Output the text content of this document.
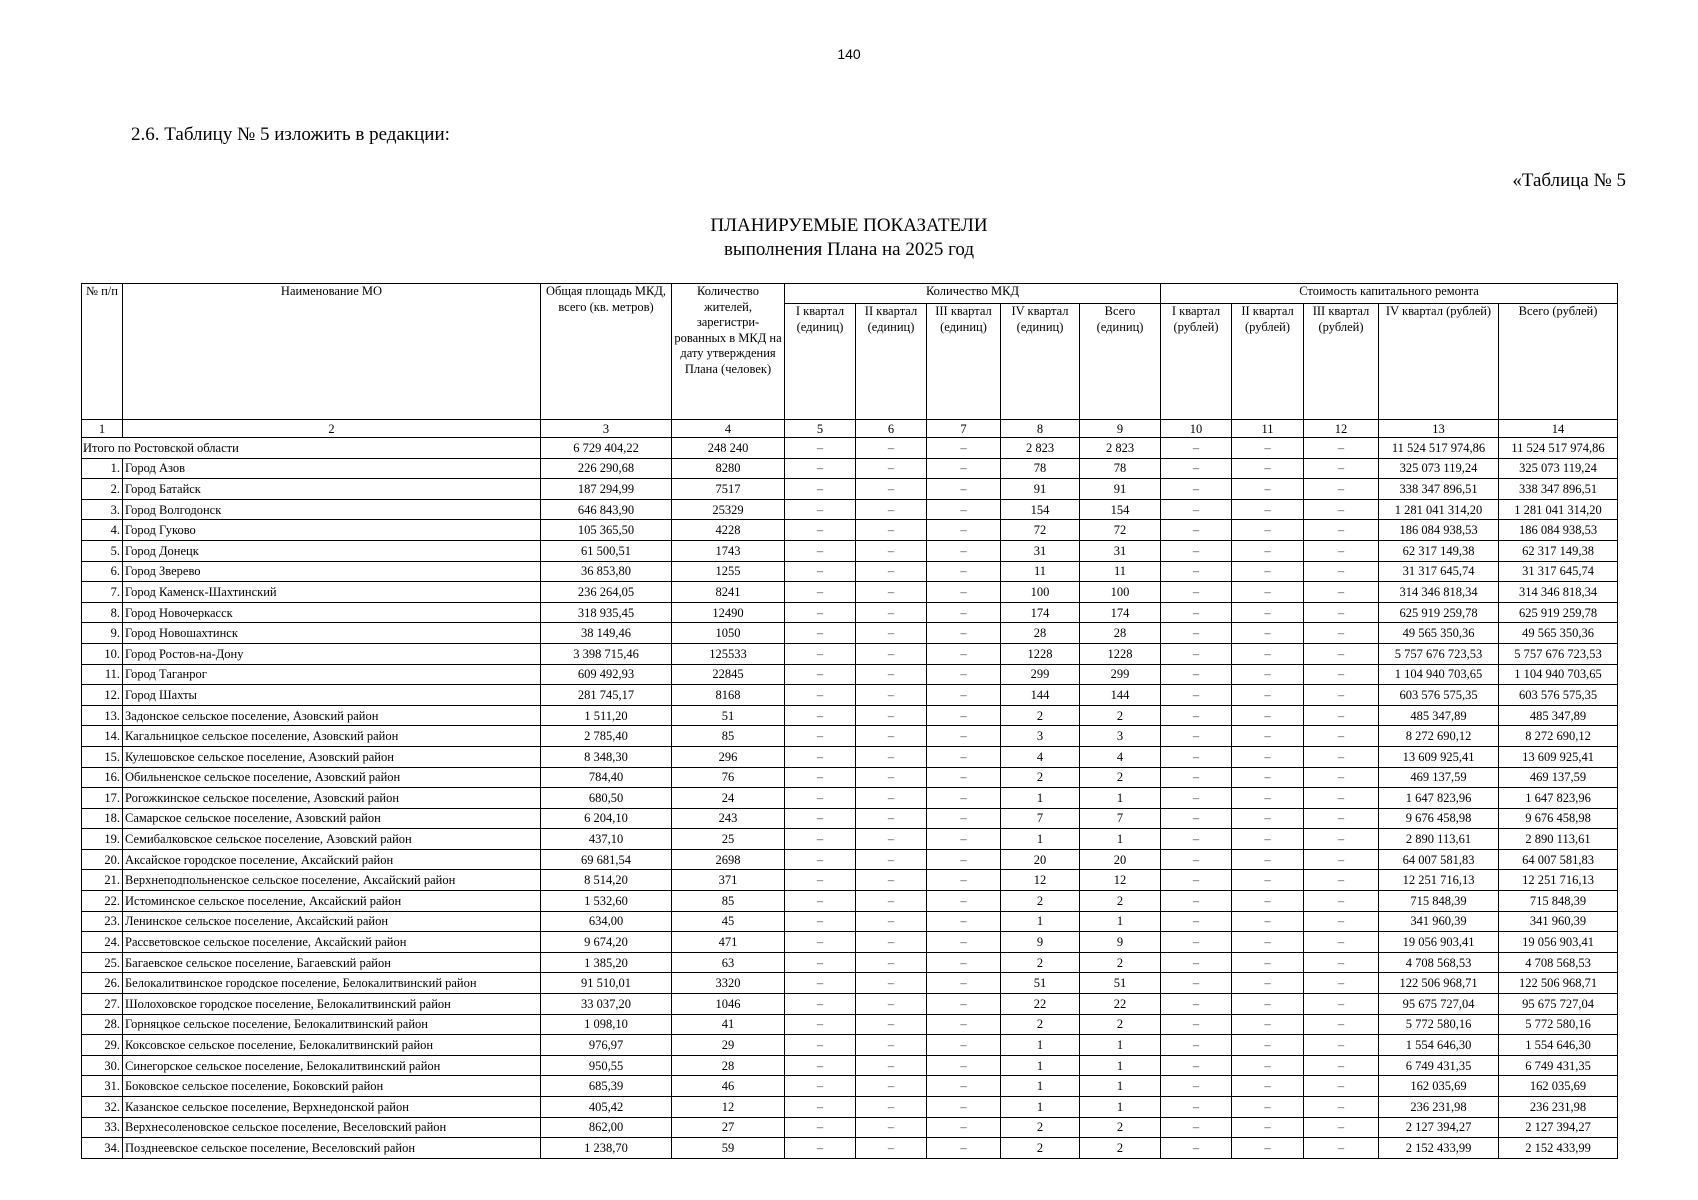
140
2.6. Таблицу № 5 изложить в редакции:
«Таблица № 5
ПЛАНИРУЕМЫЕ ПОКАЗАТЕЛИ
выполнения Плана на 2025 год
№ п/п	Наименование МО	Общая площадь МКД, всего (кв. метров)	Количество жителей, зарегистри-рованных в МКД на дату утверждения Плана (человек)	Количество МКД					Стоимость капитального ремонта				
				I квартал (единиц)	II квартал (единиц)	III квартал (единиц)	IV квартал (единиц)	Всего (единиц)	I квартал (рублей)	II квартал (рублей)	III квартал (рублей)	IV квартал (рублей)	Всего (рублей)
1	2	3	4	5	6	7	8	9	10	11	12	13	14
Итого по Ростовской области		6 729 404,22	248 240	–	–	–	2 823	2 823	–	–	–	11 524 517 974,86	11 524 517 974,86
1.	Город Азов	226 290,68	8280	–	–	–	78	78	–	–	–	325 073 119,24	325 073 119,24
2.	Город Батайск	187 294,99	7517	–	–	–	91	91	–	–	–	338 347 896,51	338 347 896,51
3.	Город Волгодонск	646 843,90	25329	–	–	–	154	154	–	–	–	1 281 041 314,20	1 281 041 314,20
4.	Город Гуково	105 365,50	4228	–	–	–	72	72	–	–	–	186 084 938,53	186 084 938,53
5.	Город Донецк	61 500,51	1743	–	–	–	31	31	–	–	–	62 317 149,38	62 317 149,38
6.	Город Зверево	36 853,80	1255	–	–	–	11	11	–	–	–	31 317 645,74	31 317 645,74
7.	Город Каменск-Шахтинский	236 264,05	8241	–	–	–	100	100	–	–	–	314 346 818,34	314 346 818,34
8.	Город Новочеркасск	318 935,45	12490	–	–	–	174	174	–	–	–	625 919 259,78	625 919 259,78
9.	Город Новошахтинск	38 149,46	1050	–	–	–	28	28	–	–	–	49 565 350,36	49 565 350,36
10.	Город Ростов-на-Дону	3 398 715,46	125533	–	–	–	1228	1228	–	–	–	5 757 676 723,53	5 757 676 723,53
11.	Город Таганрог	609 492,93	22845	–	–	–	299	299	–	–	–	1 104 940 703,65	1 104 940 703,65
12.	Город Шахты	281 745,17	8168	–	–	–	144	144	–	–	–	603 576 575,35	603 576 575,35
13.	Задонское сельское поселение, Азовский район	1 511,20	51	–	–	–	2	2	–	–	–	485 347,89	485 347,89
14.	Кагальницкое сельское поселение, Азовский район	2 785,40	85	–	–	–	3	3	–	–	–	8 272 690,12	8 272 690,12
15.	Кулешовское сельское поселение, Азовский район	8 348,30	296	–	–	–	4	4	–	–	–	13 609 925,41	13 609 925,41
16.	Обильненское сельское поселение, Азовский район	784,40	76	–	–	–	2	2	–	–	–	469 137,59	469 137,59
17.	Рогожкинское сельское поселение, Азовский район	680,50	24	–	–	–	1	1	–	–	–	1 647 823,96	1 647 823,96
18.	Самарское сельское поселение, Азовский район	6 204,10	243	–	–	–	7	7	–	–	–	9 676 458,98	9 676 458,98
19.	Семибалковское сельское поселение, Азовский район	437,10	25	–	–	–	1	1	–	–	–	2 890 113,61	2 890 113,61
20.	Аксайское городское поселение, Аксайский район	69 681,54	2698	–	–	–	20	20	–	–	–	64 007 581,83	64 007 581,83
21.	Верхнеподпольненское сельское поселение, Аксайский район	8 514,20	371	–	–	–	12	12	–	–	–	12 251 716,13	12 251 716,13
22.	Истоминское сельское поселение, Аксайский район	1 532,60	85	–	–	–	2	2	–	–	–	715 848,39	715 848,39
23.	Ленинское сельское поселение, Аксайский район	634,00	45	–	–	–	1	1	–	–	–	341 960,39	341 960,39
24.	Рассветовское сельское поселение, Аксайский район	9 674,20	471	–	–	–	9	9	–	–	–	19 056 903,41	19 056 903,41
25.	Багаевское сельское поселение, Багаевский район	1 385,20	63	–	–	–	2	2	–	–	–	4 708 568,53	4 708 568,53
26.	Белокалитвинское городское поселение, Белокалитвинский район	91 510,01	3320	–	–	–	51	51	–	–	–	122 506 968,71	122 506 968,71
27.	Шолоховское городское поселение, Белокалитвинский район	33 037,20	1046	–	–	–	22	22	–	–	–	95 675 727,04	95 675 727,04
28.	Горняцкое сельское поселение, Белокалитвинский район	1 098,10	41	–	–	–	2	2	–	–	–	5 772 580,16	5 772 580,16
29.	Коксовское сельское поселение, Белокалитвинский район	976,97	29	–	–	–	1	1	–	–	–	1 554 646,30	1 554 646,30
30.	Синегорское сельское поселение, Белокалитвинский район	950,55	28	–	–	–	1	1	–	–	–	6 749 431,35	6 749 431,35
31.	Боковское сельское поселение, Боковский район	685,39	46	–	–	–	1	1	–	–	–	162 035,69	162 035,69
32.	Казанское сельское поселение, Верхнедонской район	405,42	12	–	–	–	1	1	–	–	–	236 231,98	236 231,98
33.	Верхнесоленовское сельское поселение, Веселовский район	862,00	27	–	–	–	2	2	–	–	–	2 127 394,27	2 127 394,27
34.	Позднеевское сельское поселение, Веселовский район	1 238,70	59	–	–	–	2	2	–	–	–	2 152 433,99	2 152 433,99
